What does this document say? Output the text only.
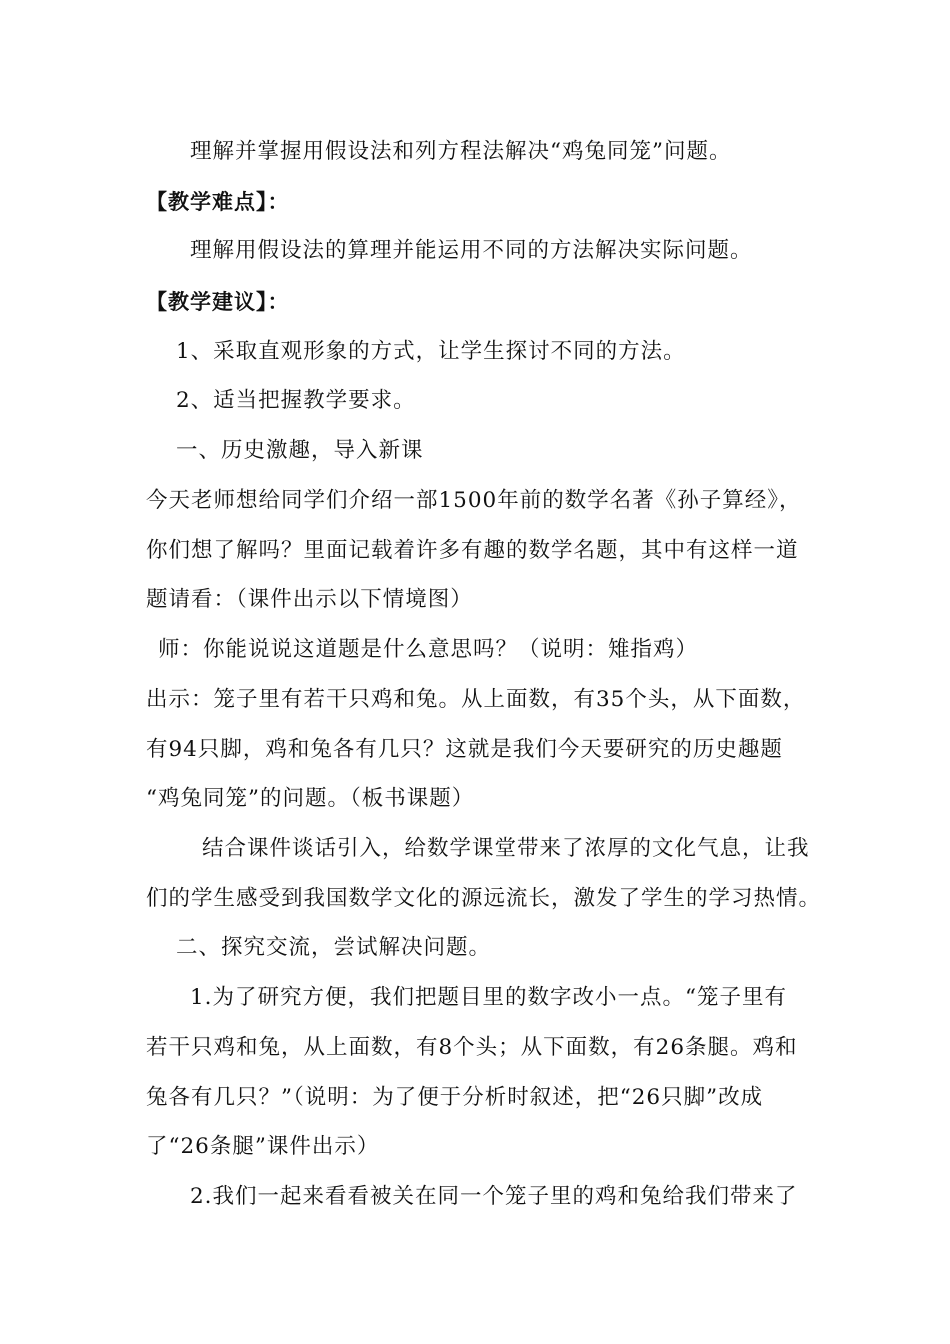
理解并掌握用假设法和列方程法解决“鸡兔同笼”问题。
【教学难点】：
理解用假设法的算理并能运用不同的方法解决实际问题。
【教学建议】：
1、采取直观形象的方式，让学生探讨不同的方法。
2、适当把握教学要求。
一、历史激趣，导入新课
今天老师想给同学们介绍一部1500年前的数学名著《孙子算经》，
你们想了解吗？里面记载着许多有趣的数学名题，其中有这样一道
题请看：（课件出示以下情境图）
师：你能说说这道题是什么意思吗？（说明：雉指鸡）
出示：笼子里有若干只鸡和兔。从上面数，有35个头，从下面数，
有94只脚，鸡和兔各有几只？这就是我们今天要研究的历史趣题
“鸡兔同笼”的问题。（板书课题）
结合课件谈话引入，给数学课堂带来了浓厚的文化气息，让我
们的学生感受到我国数学文化的源远流长，激发了学生的学习热情。
二、探究交流，尝试解决问题。
1.为了研究方便，我们把题目里的数字改小一点。“笼子里有
若干只鸡和兔，从上面数，有8个头；从下面数，有26条腿。鸡和
兔各有几只？”（说明：为了便于分析时叙述，把“26只脚”改成
了“26条腿”课件出示）
2.我们一起来看看被关在同一个笼子里的鸡和兔给我们带来了
